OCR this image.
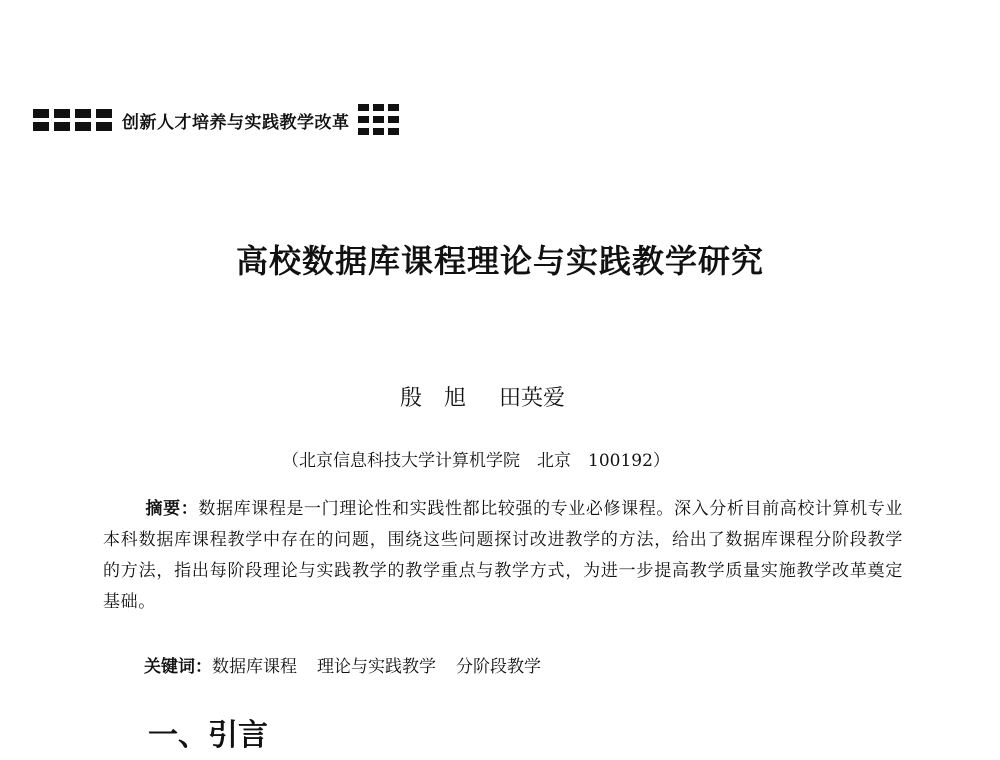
创新人才培养与实践教学改革
高校数据库课程理论与实践教学研究
殷　旭 田英爱
（北京信息科技大学计算机学院　北京　100192）
摘要：数据库课程是一门理论性和实践性都比较强的专业必修课程。深入分析目前高校计算机专业本科数据库课程教学中存在的问题，围绕这些问题探讨改进教学的方法，给出了数据库课程分阶段教学的方法，指出每阶段理论与实践教学的教学重点与教学方式，为进一步提高教学质量实施教学改革奠定基础。
关键词：数据库课程 理论与实践教学 分阶段教学
一、引言
